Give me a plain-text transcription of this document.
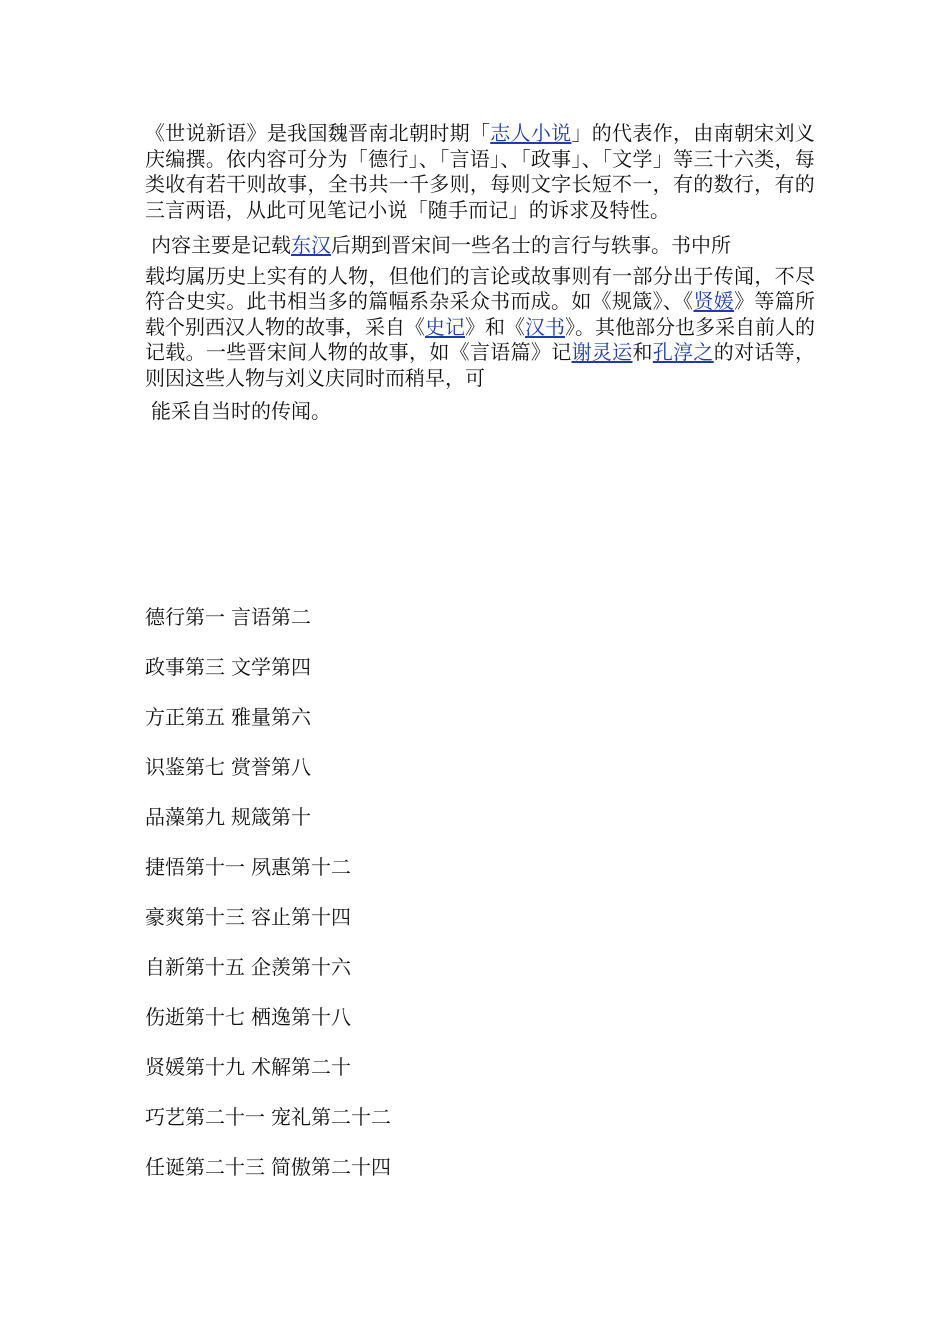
《世说新语》是我国魏晋南北朝时期「志人小说」的代表作，由南朝宋刘义庆编撰。依内容可分为「德行」、「言语」、「政事」、「文学」等三十六类，每类收有若干则故事，全书共一千多则，每则文字长短不一，有的数行，有的三言两语，从此可见笔记小说「随手而记」的诉求及特性。

内容主要是记载东汉后期到晋宋间一些名士的言行与轶事。书中所
载均属历史上实有的人物，但他们的言论或故事则有一部分出于传闻，不尽符合史实。此书相当多的篇幅系杂采众书而成。如《规箴》、《贤媛》等篇所载个别西汉人物的故事，采自《史记》和《汉书》。其他部分也多采自前人的记载。一些晋宋间人物的故事，如《言语篇》记谢灵运和孔淳之的对话等，则因这些人物与刘义庆同时而稍早，可
能采自当时的传闻。

德行第一 言语第二
政事第三 文学第四
方正第五 雅量第六
识鉴第七 赏誉第八
品藻第九 规箴第十
捷悟第十一 夙惠第十二
豪爽第十三 容止第十四
自新第十五 企羡第十六
伤逝第十七 栖逸第十八
贤媛第十九 术解第二十
巧艺第二十一 宠礼第二十二
任诞第二十三 简傲第二十四
